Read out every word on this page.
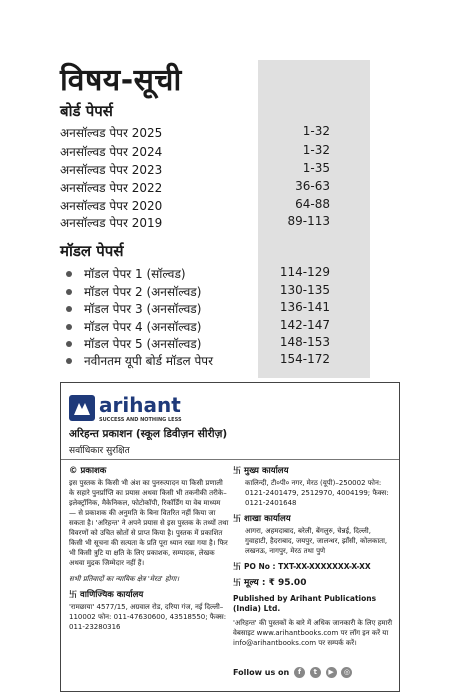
विषय-सूची
बोर्ड पेपर्स
अनसॉल्वड पेपर 2025	1-32
अनसॉल्वड पेपर 2024	1-32
अनसॉल्वड पेपर 2023	1-35
अनसॉल्वड पेपर 2022	36-63
अनसॉल्वड पेपर 2020	64-88
अनसॉल्वड पेपर 2019	89-113
मॉडल पेपर्स
मॉडल पेपर 1 (सॉल्वड)	114-129
मॉडल पेपर 2 (अनसॉल्वड)	130-135
मॉडल पेपर 3 (अनसॉल्वड)	136-141
मॉडल पेपर 4 (अनसॉल्वड)	142-147
मॉडल पेपर 5 (अनसॉल्वड)	148-153
नवीनतम यूपी बोर्ड मॉडल पेपर	154-172
arihant
SUCCESS AND NOTHING LESS
अरिहन्त प्रकाशन (स्कूल डिवीज़न सीरीज़)
सर्वाधिकार सुरक्षित
© प्रकाशक

इस पुस्तक के किसी भी अंश का पुनरुत्पादन या किसी प्रणाली के सहारे पुनर्प्राप्ति का प्रयास अथवा किसी भी तकनीकी तरीके–इलेक्ट्रॉनिक, मैकेनिकल, फोटोकॉपी, रिकॉर्डिंग या वेब माध्यम — से प्रकाशक की अनुमति के बिना वितरित नहीं किया जा सकता है। 'अरिहन्त' ने अपने प्रयास से इस पुस्तक के तथ्यों तथा विवरणों को उचित स्रोतों से प्राप्त किया है। पुस्तक में प्रकाशित किसी भी सूचना की सत्यता के प्रति पूरा ध्यान रखा गया है। फिर भी किसी त्रुटि या क्षति के लिए प्रकाशक, सम्पादक, लेखक अथवा मुद्रक जिम्मेदार नहीं हैं।

सभी प्रतिवादों का न्यायिक क्षेत्र 'मेरठ' होगा।

卐 वाणिज्यिक कार्यालय

'रामछाया' 4577/15, अग्रवाल रोड, दरिया गंज, नई दिल्ली– 110002 फोन: 011-47630600, 43518550; फैक्स: 011-23280316

卐 मुख्य कार्यालय
कालिन्दी, टी०पी० नगर, मेरठ (यूपी)–250002 फोन: 0121-2401479, 2512970, 4004199; फैक्स: 0121-2401648
卐 शाखा कार्यालय
आगरा, अहमदाबाद, बरेली, बेंगलुरु, चेन्नई, दिल्ली, गुवाहाटी, हैदराबाद, जयपुर, जालन्धर, झाँसी, कोलकाता, लखनऊ, नागपुर, मेरठ तथा पुणे
卐 PO No : TXT-XX-XXXXXXX-X-XX
卐 मूल्य : ₹ 95.00
Published by Arihant Publications (India) Ltd.
'अरिहन्त' की पुस्तकों के बारे में अधिक जानकारी के लिए हमारी वेबसाइट www.arihantbooks.com पर लॉग इन करें या info@arihantbooks.com पर सम्पर्क करें।
Follow us on f t ▶ ◎
